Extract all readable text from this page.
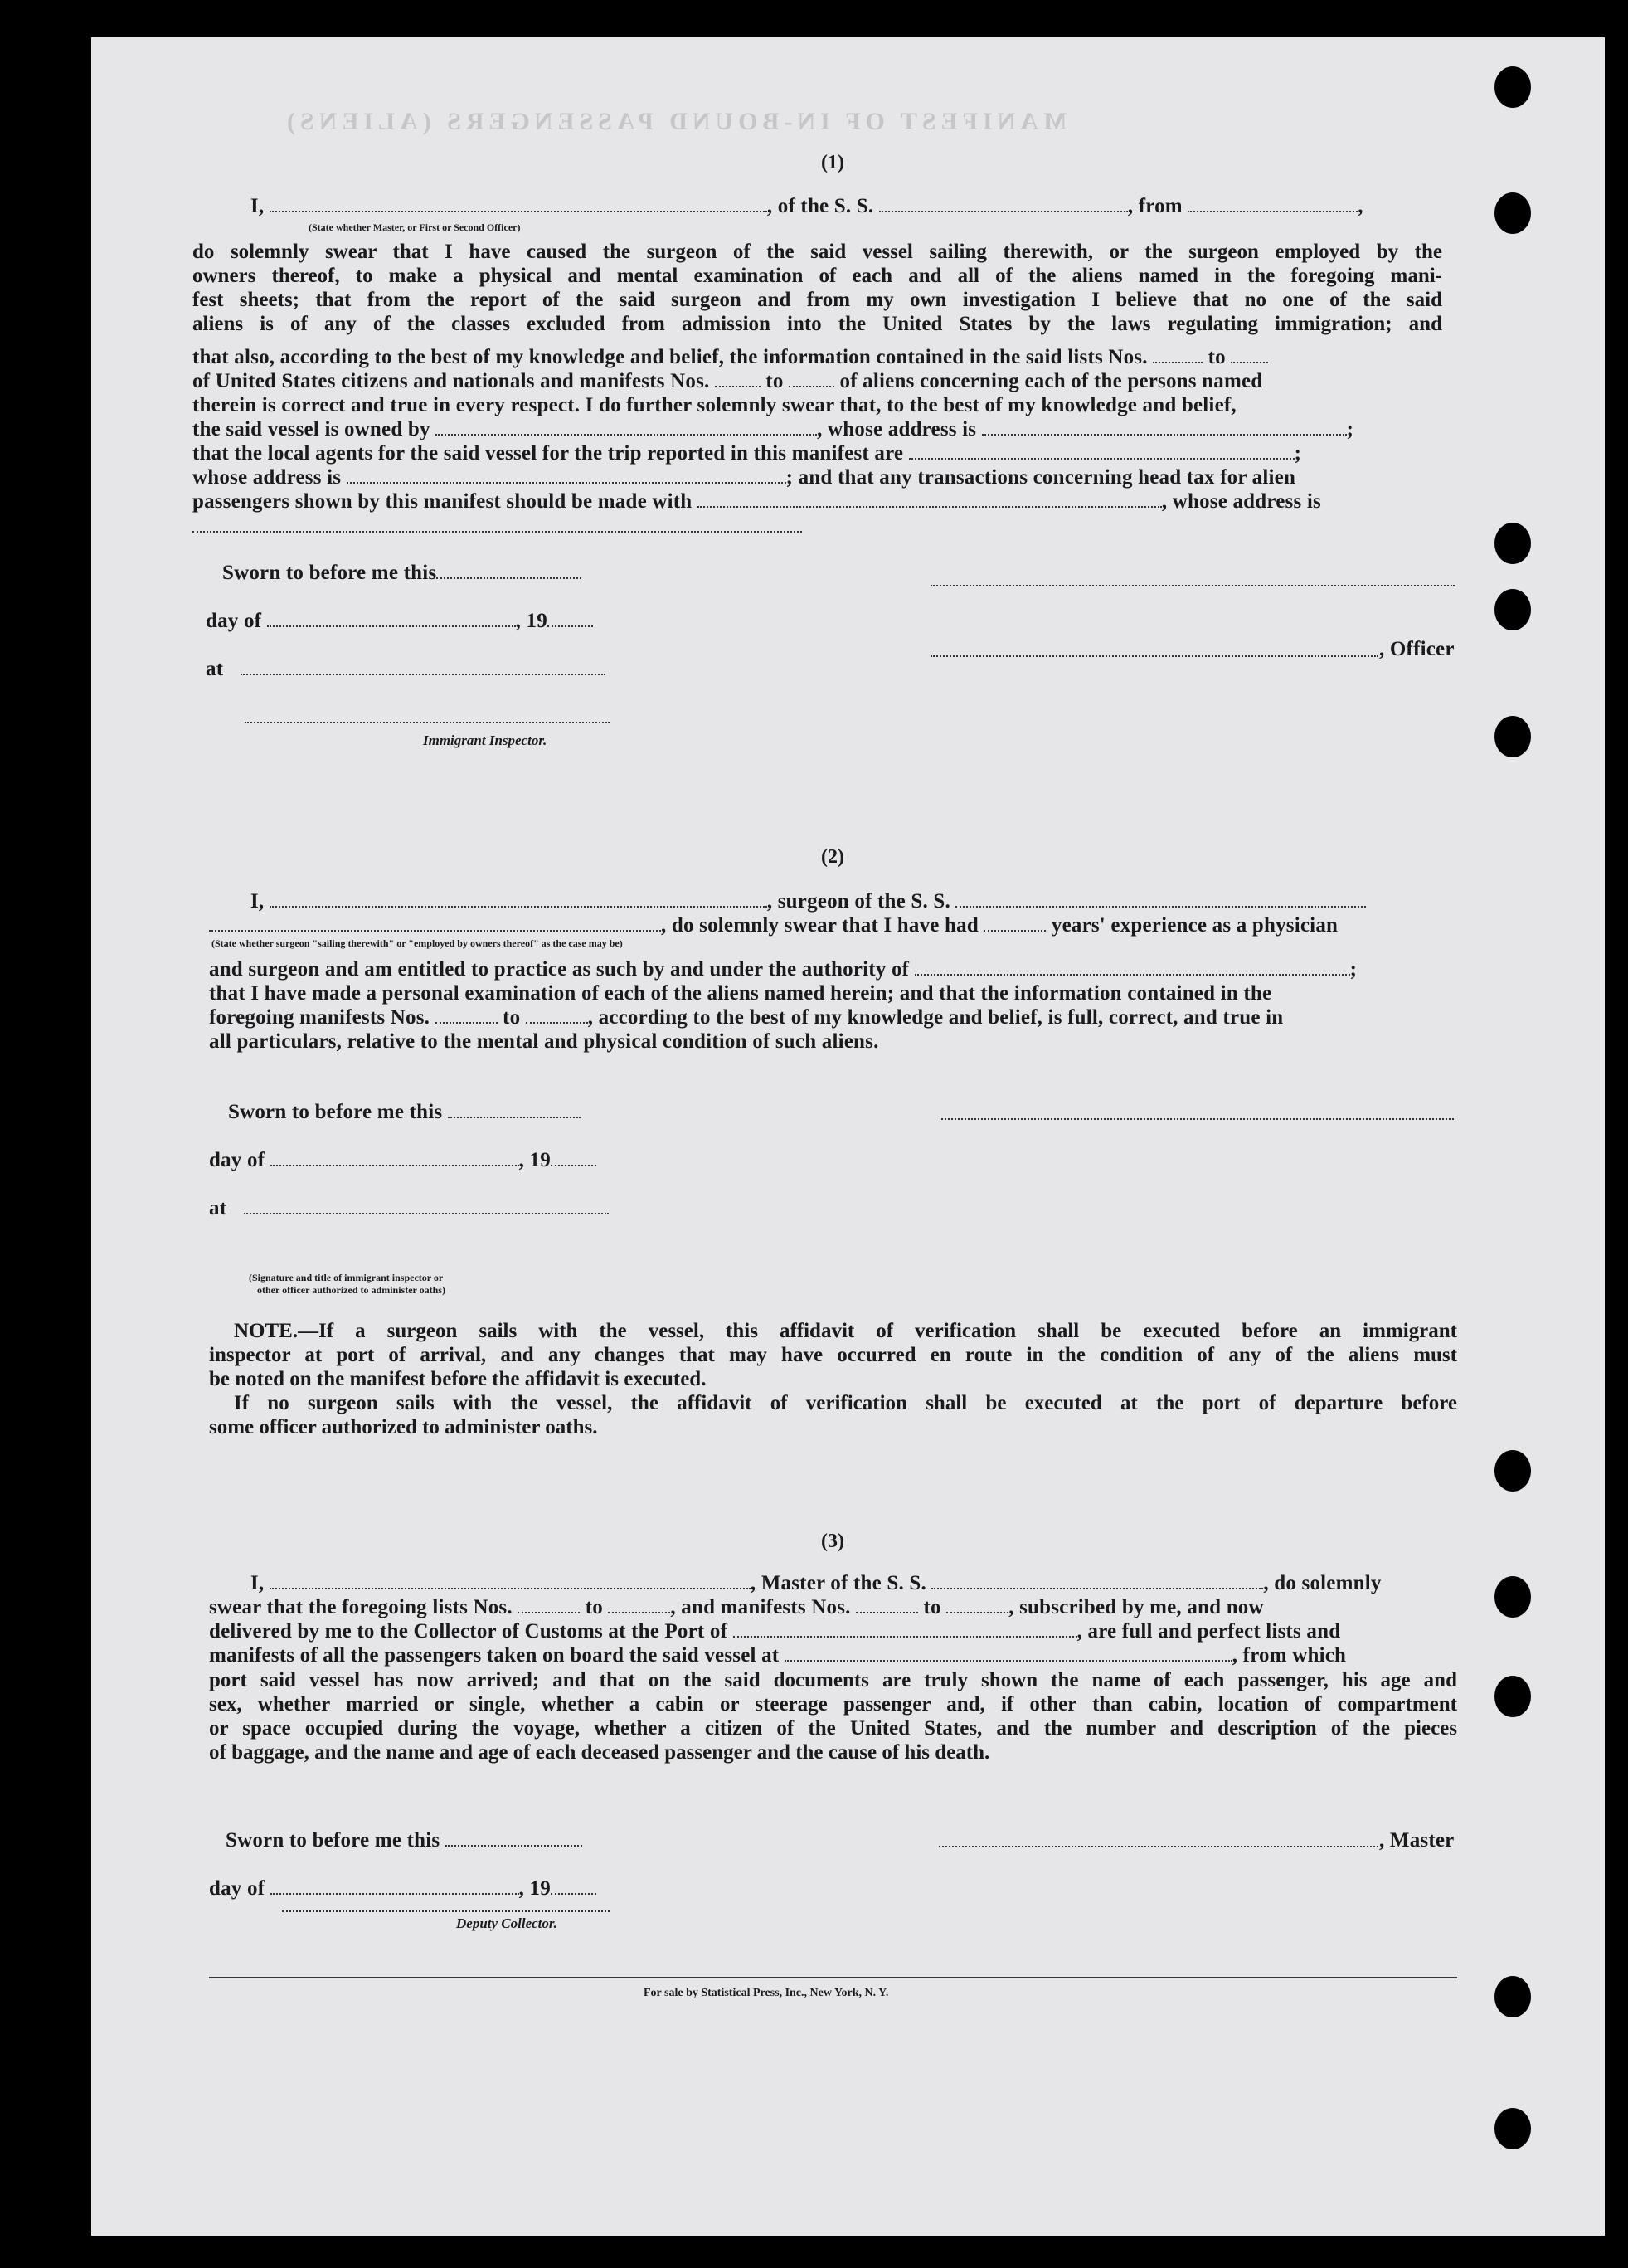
MANIFEST OF IN-BOUND PASSENGERS (ALIENS)
(1)
I,	, of the S. S.	, from	,
(State whether Master, or First or Second Officer)
do solemnly swear that I have caused the surgeon of the said vessel sailing therewith, or the surgeon employed by the
owners thereof, to make a physical and mental examination of each and all of the aliens named in the foregoing mani-
fest sheets; that from the report of the said surgeon and from my own investigation I believe that no one of the said
aliens is of any of the classes excluded from admission into the United States by the laws regulating immigration; and
that also, according to the best of my knowledge and belief, the information contained in the said lists Nos.	to
of United States citizens and nationals and manifests Nos.	to	of aliens concerning each of the persons named
therein is correct and true in every respect. I do further solemnly swear that, to the best of my knowledge and belief,
the said vessel is owned by	, whose address is	;
that the local agents for the said vessel for the trip reported in this manifest are	;
whose address is	; and that any transactions concerning head tax for alien
passengers shown by this manifest should be made with	, whose address is
Sworn to before me this
day of	, 19
at
Immigrant Inspector.
, Officer
(2)
I,	, surgeon of the S. S.
, do solemnly swear that I have had	years' experience as a physician
(State whether surgeon "sailing therewith" or "employed by owners thereof" as the case may be)
and surgeon and am entitled to practice as such by and under the authority of	;
that I have made a personal examination of each of the aliens named herein; and that the information contained in the
foregoing manifests Nos.	to	, according to the best of my knowledge and belief, is full, correct, and true in
all particulars, relative to the mental and physical condition of such aliens.
Sworn to before me this
day of	, 19
at
(Signature and title of immigrant inspector or
other officer authorized to administer oaths)
NOTE.—If a surgeon sails with the vessel, this affidavit of verification shall be executed before an immigrant
inspector at port of arrival, and any changes that may have occurred en route in the condition of any of the aliens must
be noted on the manifest before the affidavit is executed.
If no surgeon sails with the vessel, the affidavit of verification shall be executed at the port of departure before
some officer authorized to administer oaths.
(3)
I,	, Master of the S. S.	, do solemnly
swear that the foregoing lists Nos.	to	, and manifests Nos.	to	, subscribed by me, and now
delivered by me to the Collector of Customs at the Port of	, are full and perfect lists and
manifests of all the passengers taken on board the said vessel at	, from which
port said vessel has now arrived; and that on the said documents are truly shown the name of each passenger, his age and
sex, whether married or single, whether a cabin or steerage passenger and, if other than cabin, location of compartment
or space occupied during the voyage, whether a citizen of the United States, and the number and description of the pieces
of baggage, and the name and age of each deceased passenger and the cause of his death.
Sworn to before me this	, Master
day of	, 19
Deputy Collector.
For sale by Statistical Press, Inc., New York, N. Y.
